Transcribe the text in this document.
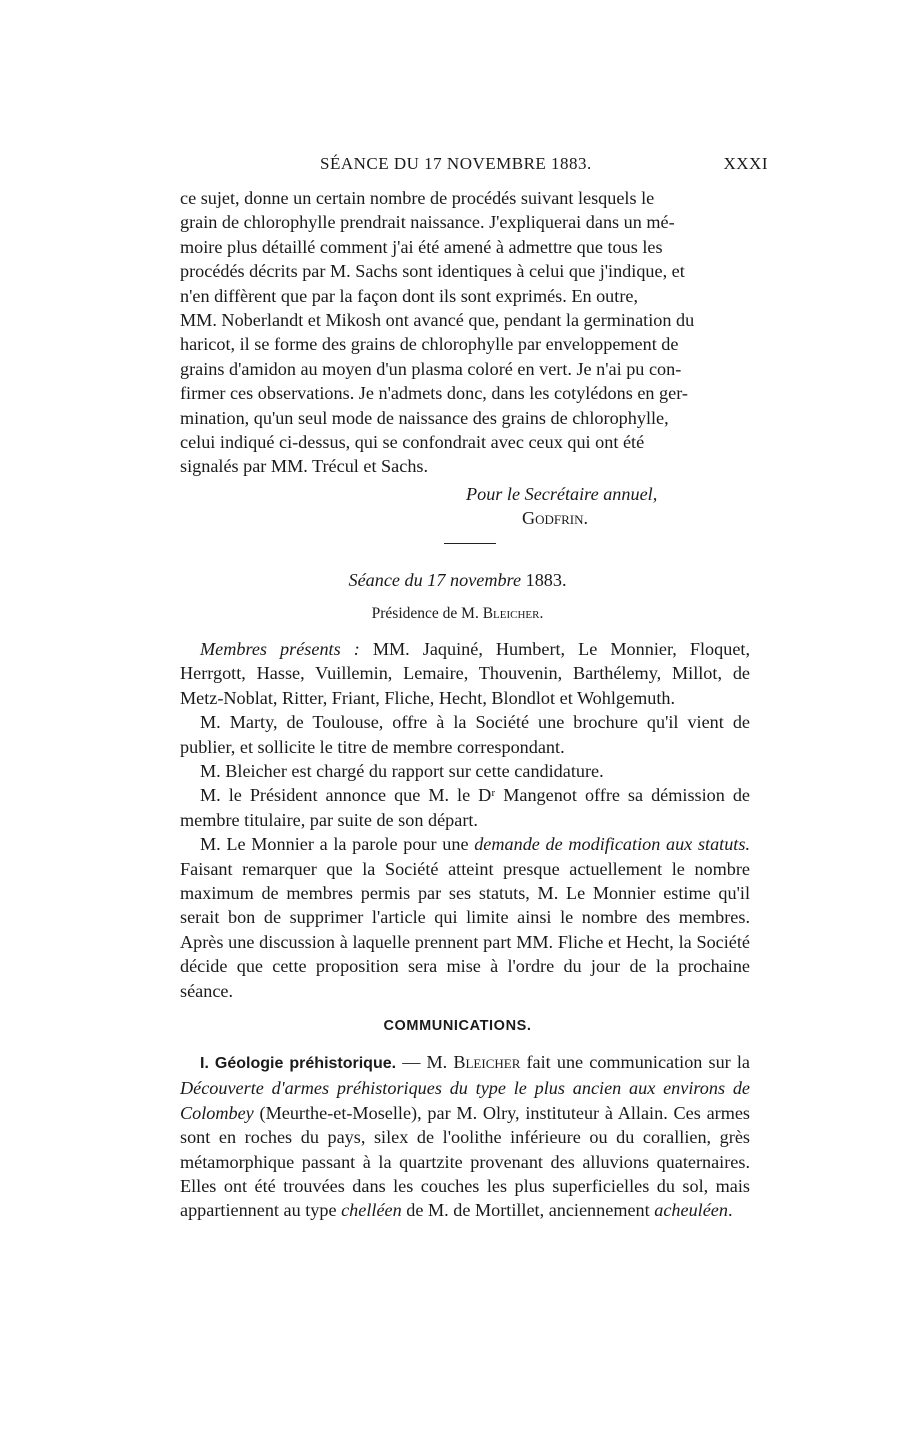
SÉANCE DU 17 NOVEMBRE 1883.	XXXI

ce sujet, donne un certain nombre de procédés suivant lesquels le

grain de chlorophylle prendrait naissance. J'expliquerai dans un mé-

moire plus détaillé comment j'ai été amené à admettre que tous les

procédés décrits par M. Sachs sont identiques à celui que j'indique, et

n'en diffèrent que par la façon dont ils sont exprimés. En outre,

MM. Noberlandt et Mikosh ont avancé que, pendant la germination du

haricot, il se forme des grains de chlorophylle par enveloppement de

grains d'amidon au moyen d'un plasma coloré en vert. Je n'ai pu con-

firmer ces observations. Je n'admets donc, dans les cotylédons en ger-

mination, qu'un seul mode de naissance des grains de chlorophylle,

celui indiqué ci-dessus, qui se confondrait avec ceux qui ont été

signalés par MM. Trécul et Sachs.

Pour le Secrétaire annuel,
Godfrin.
Séance du 17 novembre 1883.
Présidence de M. Bleicher.

Membres présents : MM. Jaquiné, Humbert, Le Monnier, Floquet, Herrgott, Hasse, Vuillemin, Lemaire, Thouvenin, Barthélemy, Millot, de Metz-Noblat, Ritter, Friant, Fliche, Hecht, Blondlot et Wohlgemuth.

M. Marty, de Toulouse, offre à la Société une brochure qu'il vient de publier, et sollicite le titre de membre correspondant.

M. Bleicher est chargé du rapport sur cette candidature.

M. le Président annonce que M. le Dʳ Mangenot offre sa démission de membre titulaire, par suite de son départ.

M. Le Monnier a la parole pour une demande de modification aux statuts. Faisant remarquer que la Société atteint presque actuellement le nombre maximum de membres permis par ses statuts, M. Le Monnier estime qu'il serait bon de supprimer l'article qui limite ainsi le nombre des membres. Après une discussion à laquelle prennent part MM. Fliche et Hecht, la Société décide que cette proposition sera mise à l'ordre du jour de la prochaine séance.

COMMUNICATIONS.

I. Géologie préhistorique. — M. Bleicher fait une communication sur la Découverte d'armes préhistoriques du type le plus ancien aux environs de Colombey (Meurthe-et-Moselle), par M. Olry, instituteur à Allain. Ces armes sont en roches du pays, silex de l'oolithe inférieure ou du corallien, grès métamorphique passant à la quartzite provenant des alluvions quaternaires. Elles ont été trouvées dans les couches les plus superficielles du sol, mais appartiennent au type chelléen de M. de Mortillet, anciennement acheuléen.
